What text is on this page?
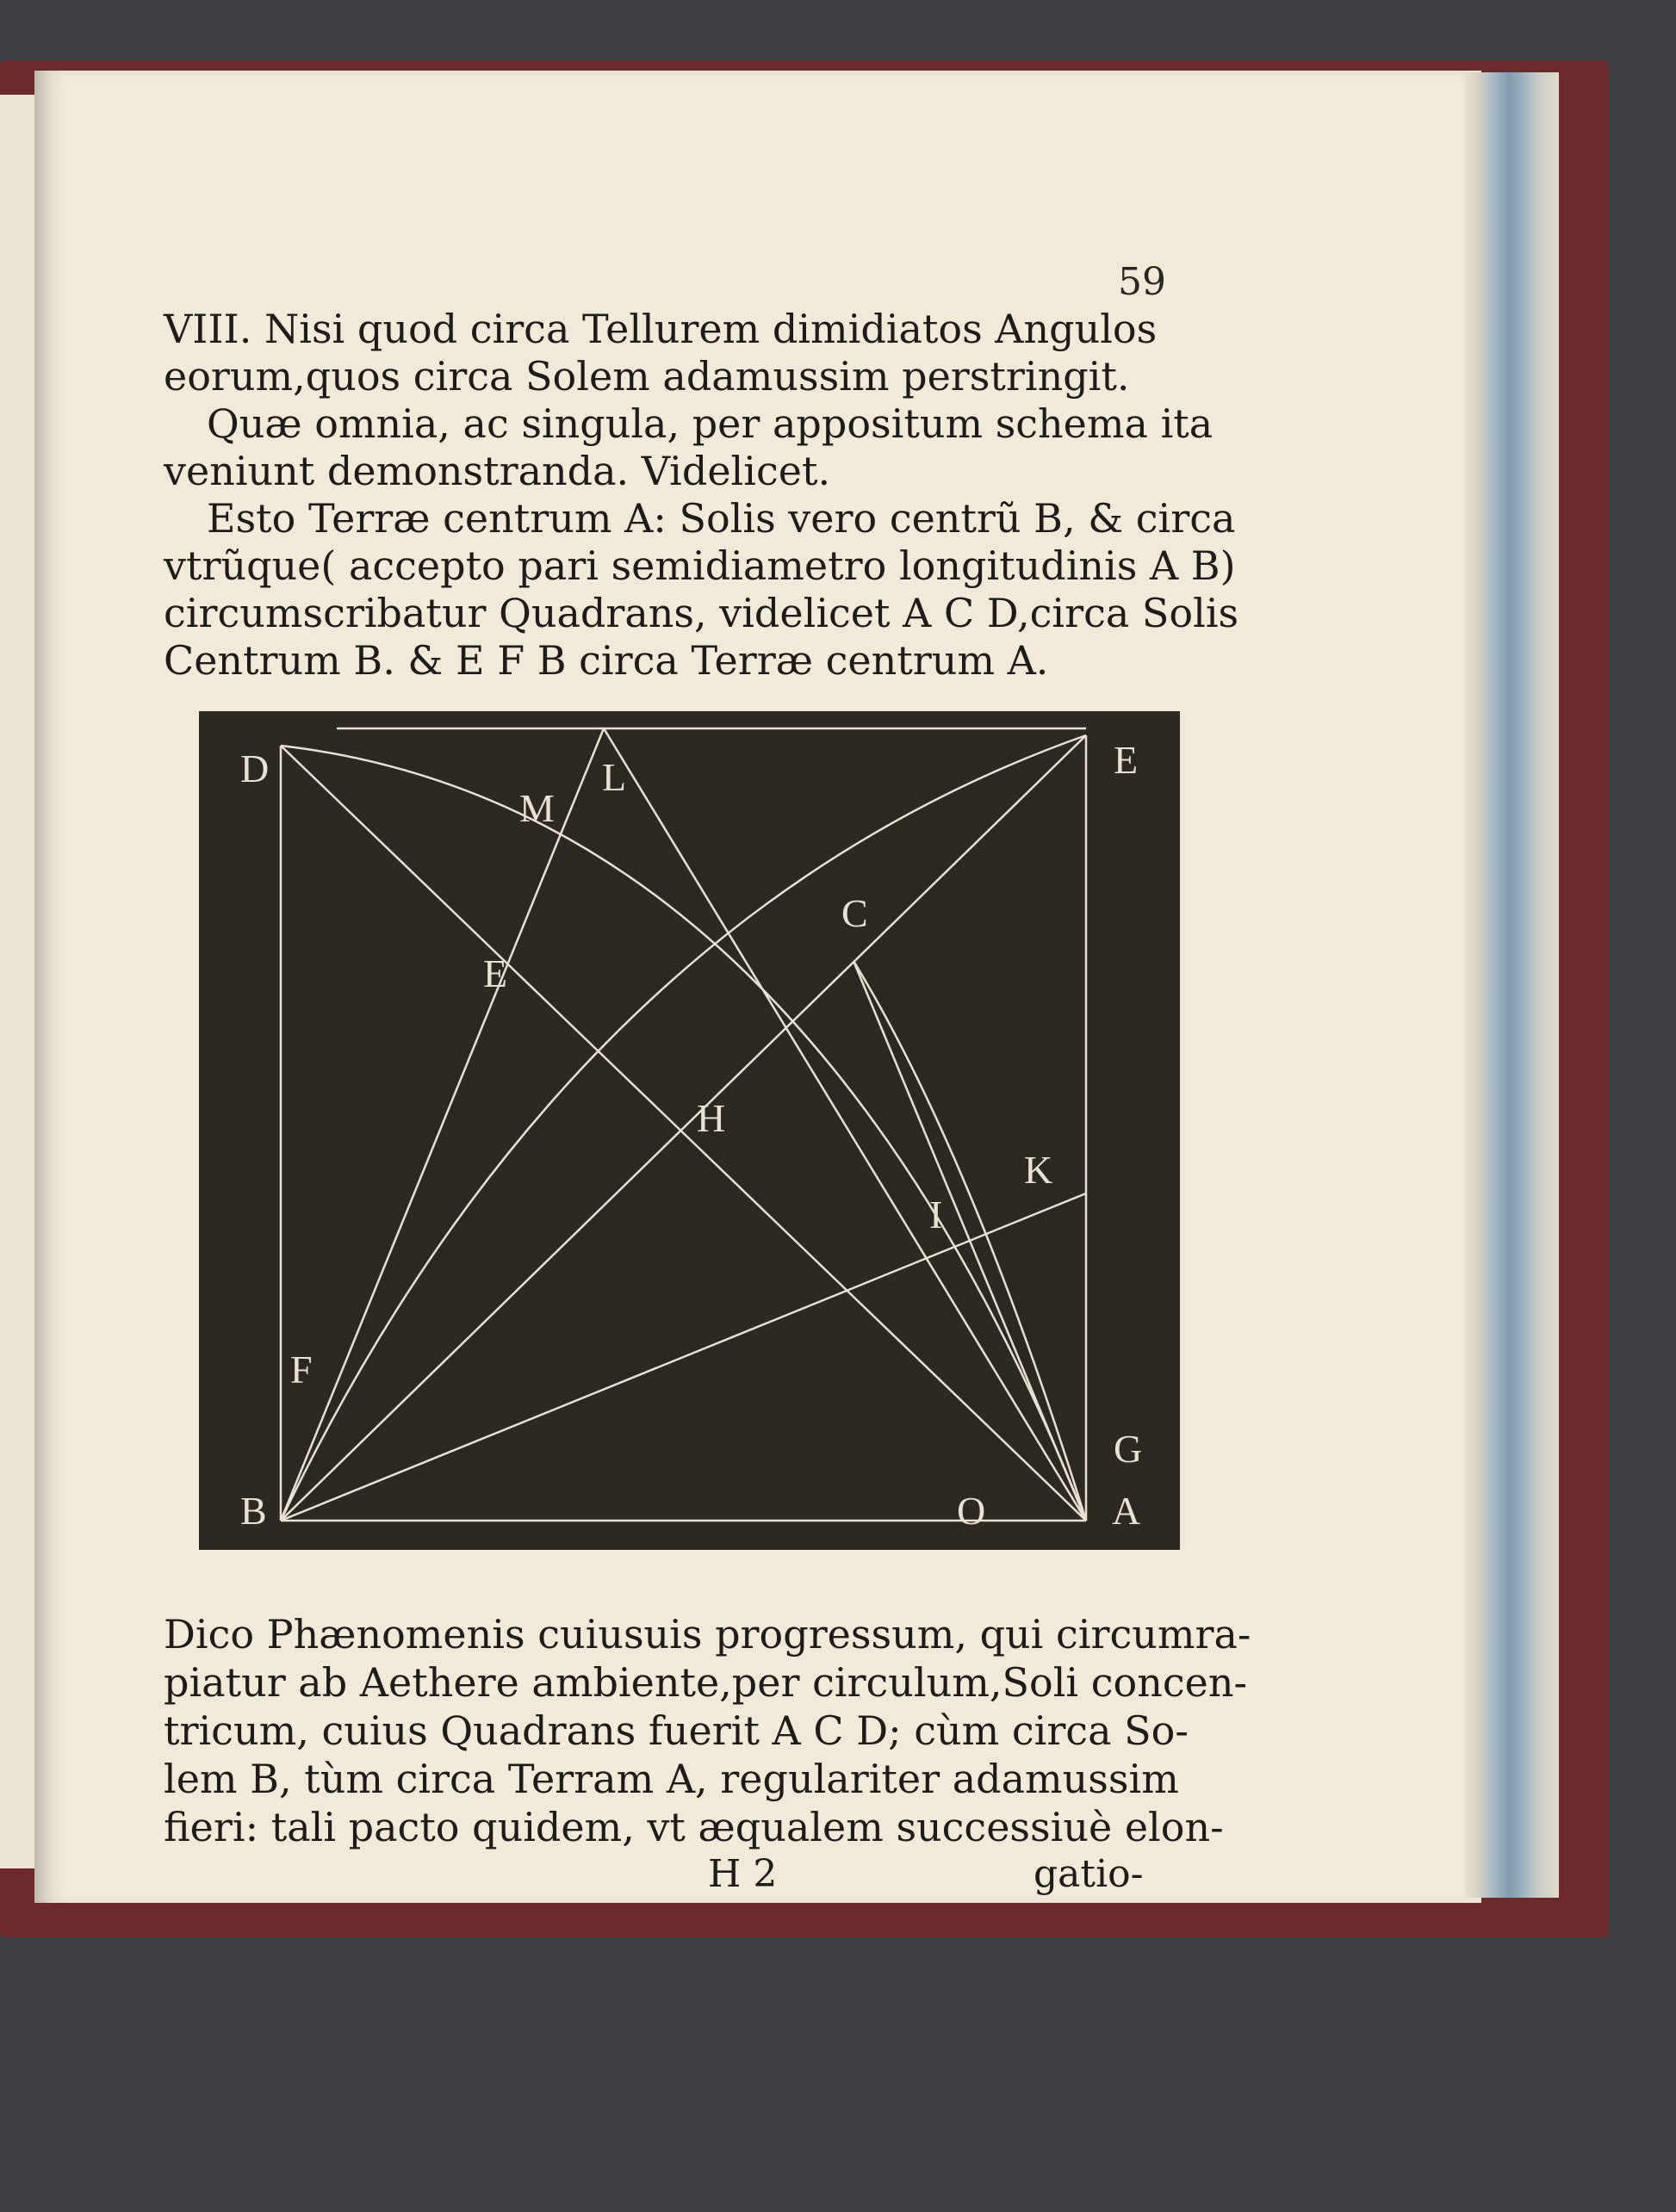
59

VIII. Nisi quod circa Tellurem dimidiatos Angulos

eorum,quos circa Solem adamussim perstringit.

Quæ omnia, ac singula, per appositum schema ita

veniunt demonstranda. Videlicet.

Esto Terræ centrum A: Solis vero centrũ B, & circa

vtrũque( accepto pari semidiametro longitudinis A B)

circumscribatur Quadrans, videlicet A C D,circa Solis

Centrum B. & E F B circa Terræ centrum A.

D	E
M
L
C
E
H
K
I
F
G
B	O	A

Dico Phænomenis cuiusuis progressum, qui circumra-

piatur ab Aethere ambiente,per circulum,Soli concen-

tricum, cuius Quadrans fuerit A C D; cùm circa So-

lem B, tùm circa Terram A, regulariter adamussim

fieri: tali pacto quidem, vt æqualem successiuè elon-

H 2	gatio-
